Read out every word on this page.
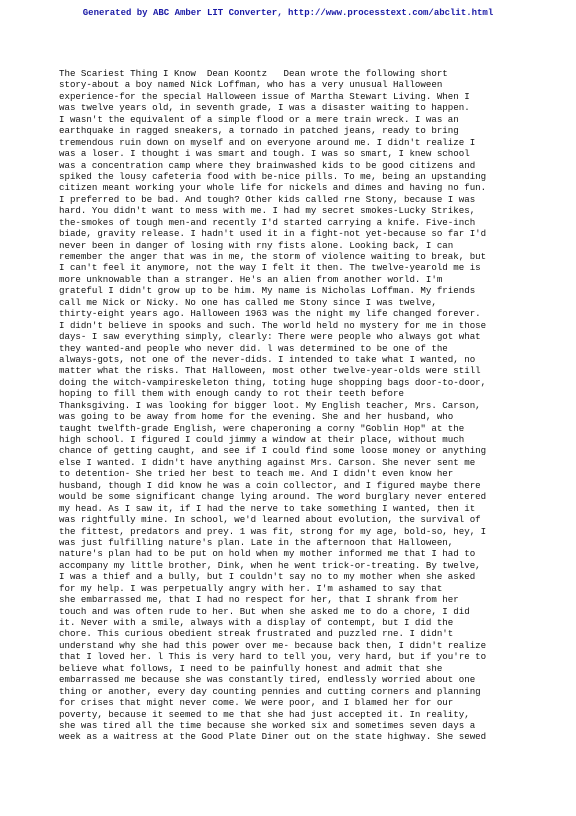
Generated by ABC Amber LIT Converter, http://www.processtext.com/abclit.html
The Scariest Thing I Know  Dean Koontz   Dean wrote the following short
story-about a boy named Nick Loffman, who has a very unusual Halloween
experience-for the special Halloween issue of Martha Stewart Living. When I
was twelve years old, in seventh grade, I was a disaster waiting to happen.
I wasn't the equivalent of a simple flood or a mere train wreck. I was an
earthquake in ragged sneakers, a tornado in patched jeans, ready to bring
tremendous ruin down on myself and on everyone around me. I didn't realize I
was a loser. I thought i was smart and tough. I was so smart, I knew school
was a concentration camp where they brainwashed kids to be good citizens and
spiked the lousy cafeteria food with be-nice pills. To me, being an upstanding
citizen meant working your whole life for nickels and dimes and having no fun.
I preferred to be bad. And tough? Other kids called rne Stony, because I was
hard. You didn't want to mess with me. I had my secret smokes-Lucky Strikes,
the-smokes of tough men-and recently I'd started carrying a knife. Five-inch
biade, gravity release. I hadn't used it in a fight-not yet-because so far I'd
never been in danger of losing with rny fists alone. Looking back, I can
remember the anger that was in me, the storm of violence waiting to break, but
I can't feel it anymore, not the way I felt it then. The twelve-yearold me is
more unknowable than a stranger. He's an alien from another world. I'm
grateful I didn't grow up to be him. My name is Nicholas Loffman. My friends
call me Nick or Nicky. No one has called me Stony since I was twelve,
thirty-eight years ago. Halloween 1963 was the night my life changed forever.
I didn't believe in spooks and such. The world held no mystery for me in those
days- I saw everything simply, clearly: There were people who always got what
they wanted-and people who never did. l was determined to be one of the
always-gots, not one of the never-dids. I intended to take what I wanted, no
matter what the risks. That Halloween, most other twelve-year-olds were still
doing the witch-vampireskeleton thing, toting huge shopping bags door-to-door,
hoping to fill them with enough candy to rot their teeth before
Thanksgiving. I was looking for bigger loot. My English teacher, Mrs. Carson,
was going to be away from home for the evening. She and her husband, who
taught twelfth-grade English, were chaperoning a corny "Goblin Hop" at the
high school. I figured I could jimmy a window at their place, without much
chance of getting caught, and see if I could find some loose money or anything
else I wanted. I didn't have anything against Mrs. Carson. She never sent me
to detention- She tried her best to teach me. And I didn't even know her
husband, though I did know he was a coin collector, and I figured maybe there
would be some significant change lying around. The word burglary never entered
my head. As I saw it, if I had the nerve to take something I wanted, then it
was rightfully mine. In school, we'd learned about evolution, the survival of
the fittest, predators and prey. 1 was fit, strong for my age, bold-so, hey, I
was just fulfilling nature's plan. Late in the afternoon that Halloween,
nature's plan had to be put on hold when my mother informed me that I had to
accompany my little brother, Dink, when he went trick-or-treating. By twelve,
I was a thief and a bully, but I couldn't say no to my mother when she asked
for my help. I was perpetually angry with her. I'm ashamed to say that
she embarrassed me, that I had no respect for her, that I shrank from her
touch and was often rude to her. But when she asked me to do a chore, I did
it. Never with a smile, always with a display of contempt, but I did the
chore. This curious obedient streak frustrated and puzzled rne. I didn't
understand why she had this power over me- because back then, I didn't realize
that I loved her. l This is very hard to tell you, very hard, but if you're to
believe what follows, I need to be painfully honest and admit that she
embarrassed me because she was constantly tired, endlessly worried about one
thing or another, every day counting pennies and cutting corners and planning
for crises that might never come. We were poor, and I blamed her for our
poverty, because it seemed to me that she had just accepted it. In reality,
she was tired all the time because she worked six and sometimes seven days a
week as a waitress at the Good Plate Diner out on the state highway. She sewed
